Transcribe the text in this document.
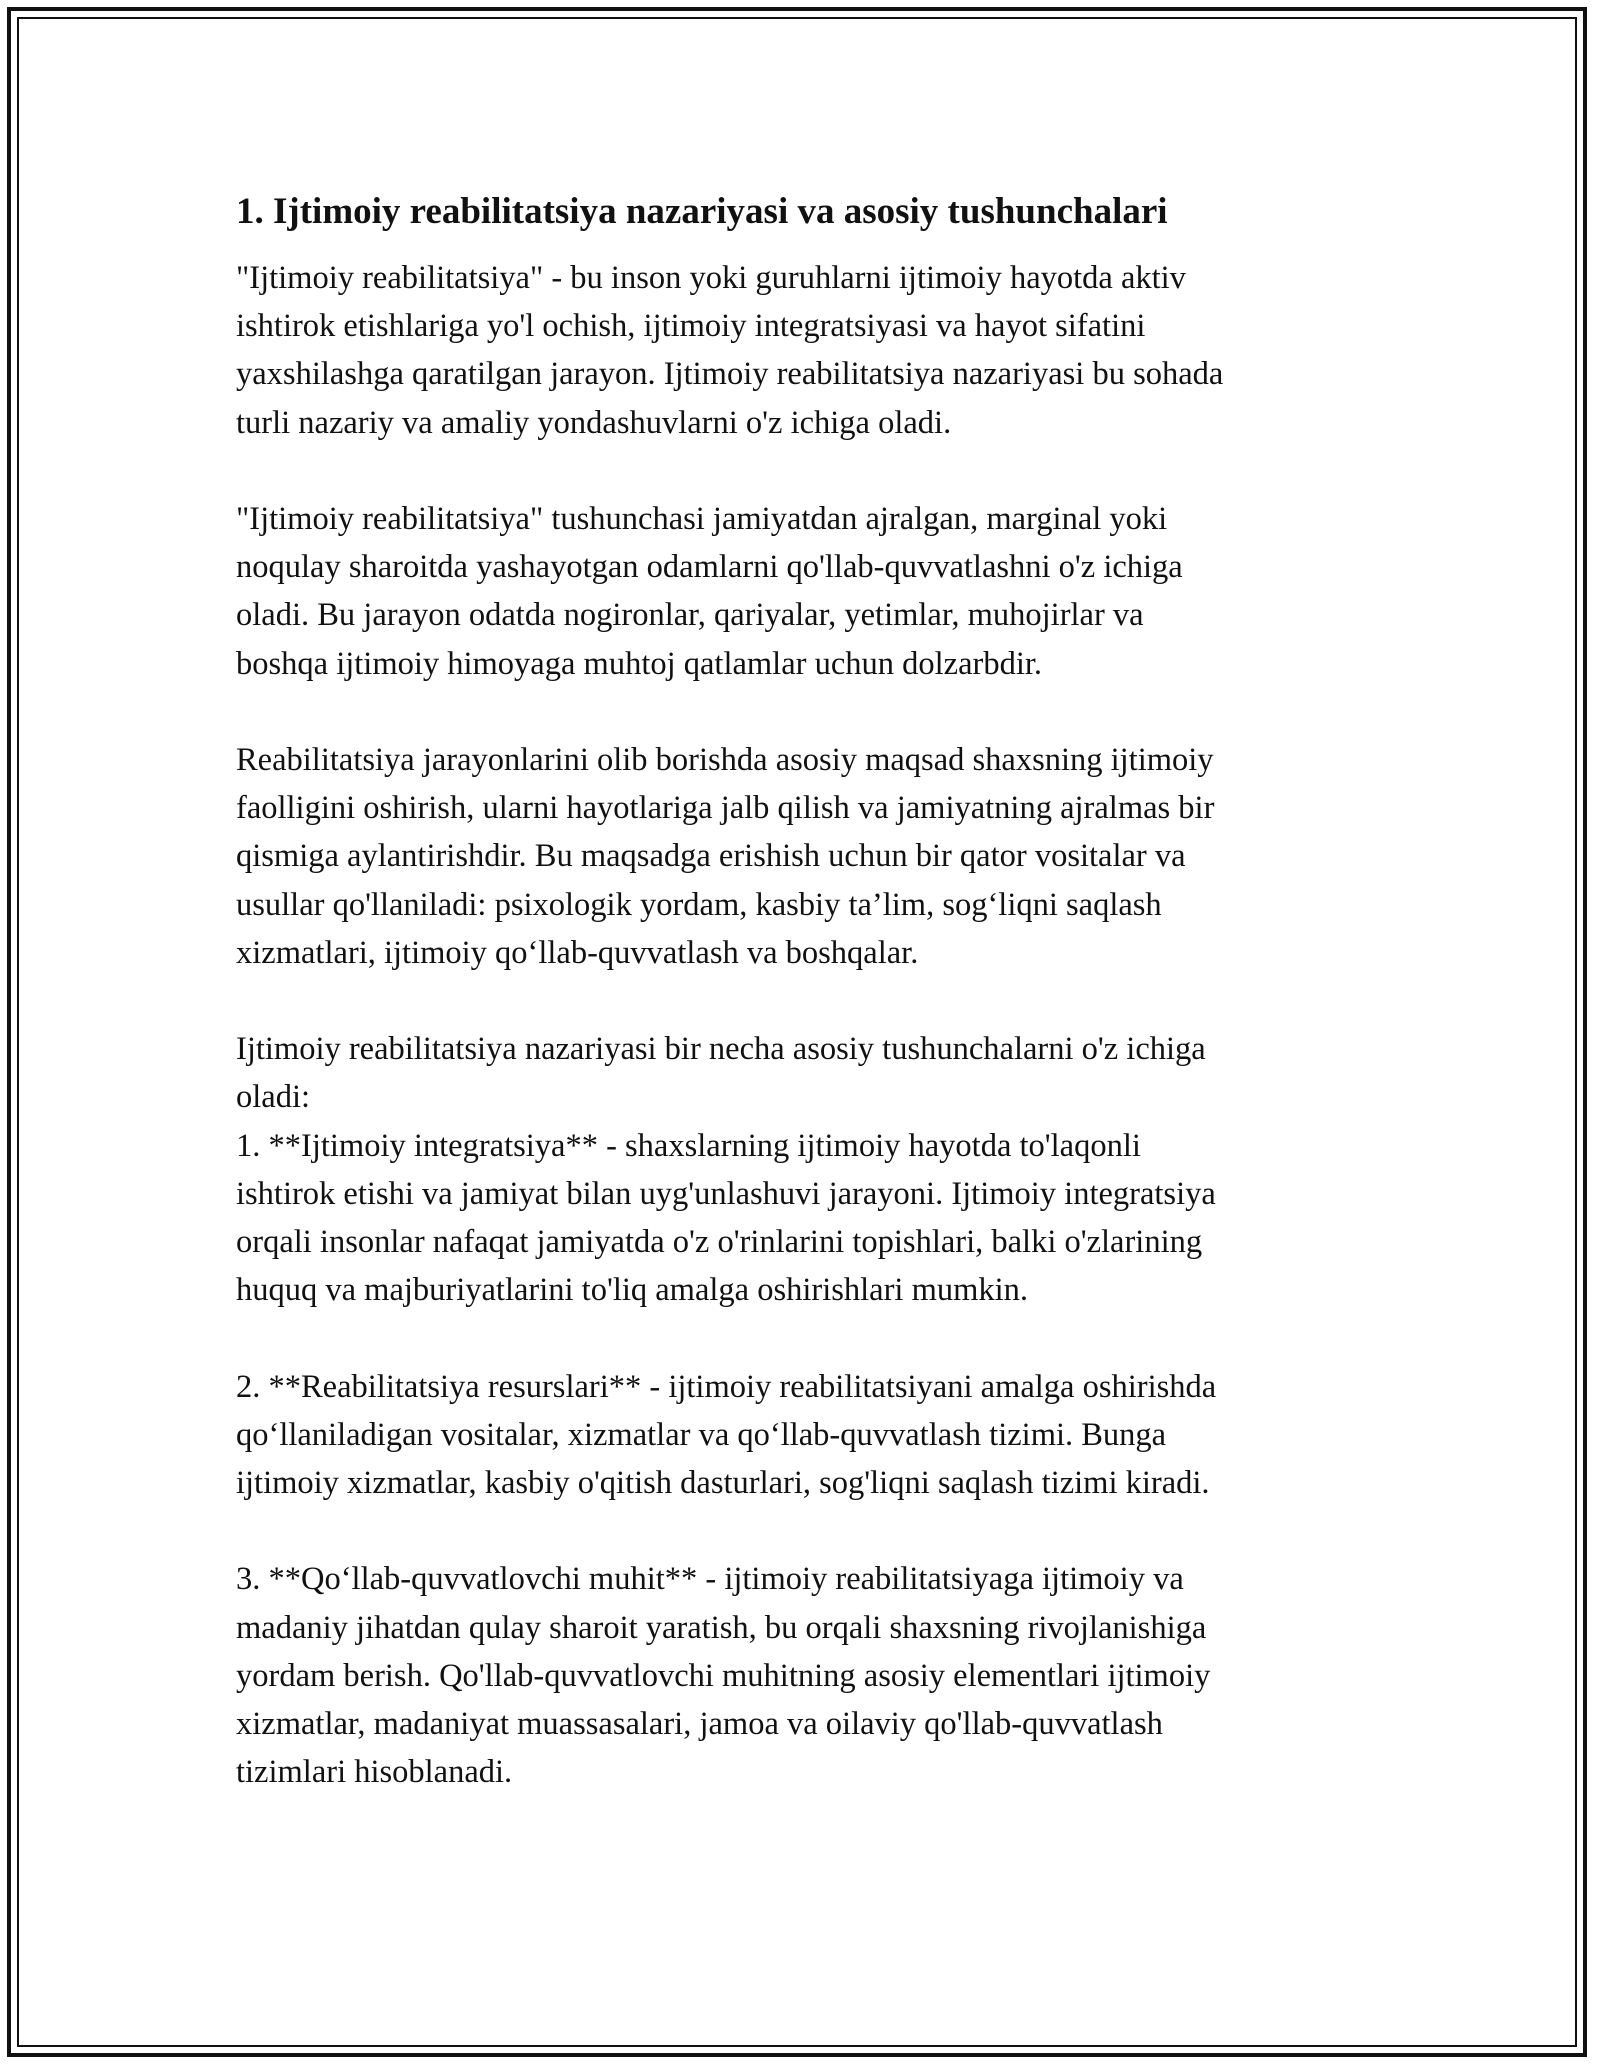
1. Ijtimoiy reabilitatsiya nazariyasi va asosiy tushunchalari
"Ijtimoiy reabilitatsiya" - bu inson yoki guruhlarni ijtimoiy hayotda aktiv
ishtirok etishlariga yo'l ochish, ijtimoiy integratsiyasi va hayot sifatini
yaxshilashga qaratilgan jarayon. Ijtimoiy reabilitatsiya nazariyasi bu sohada
turli nazariy va amaliy yondashuvlarni o'z ichiga oladi.
"Ijtimoiy reabilitatsiya" tushunchasi jamiyatdan ajralgan, marginal yoki
noqulay sharoitda yashayotgan odamlarni qo'llab-quvvatlashni o'z ichiga
oladi. Bu jarayon odatda nogironlar, qariyalar, yetimlar, muhojirlar va
boshqa ijtimoiy himoyaga muhtoj qatlamlar uchun dolzarbdir.
Reabilitatsiya jarayonlarini olib borishda asosiy maqsad shaxsning ijtimoiy
faolligini oshirish, ularni hayotlariga jalb qilish va jamiyatning ajralmas bir
qismiga aylantirishdir. Bu maqsadga erishish uchun bir qator vositalar va
usullar qo'llaniladi: psixologik yordam, kasbiy ta’lim, sog‘liqni saqlash
xizmatlari, ijtimoiy qo‘llab-quvvatlash va boshqalar.
Ijtimoiy reabilitatsiya nazariyasi bir necha asosiy tushunchalarni o'z ichiga
oladi:
1. **Ijtimoiy integratsiya** - shaxslarning ijtimoiy hayotda to'laqonli
ishtirok etishi va jamiyat bilan uyg'unlashuvi jarayoni. Ijtimoiy integratsiya
orqali insonlar nafaqat jamiyatda o'z o'rinlarini topishlari, balki o'zlarining
huquq va majburiyatlarini to'liq amalga oshirishlari mumkin.
2. **Reabilitatsiya resurslari** - ijtimoiy reabilitatsiyani amalga oshirishda
qo‘llaniladigan vositalar, xizmatlar va qo‘llab-quvvatlash tizimi. Bunga
ijtimoiy xizmatlar, kasbiy o'qitish dasturlari, sog'liqni saqlash tizimi kiradi.
3. **Qo‘llab-quvvatlovchi muhit** - ijtimoiy reabilitatsiyaga ijtimoiy va
madaniy jihatdan qulay sharoit yaratish, bu orqali shaxsning rivojlanishiga
yordam berish. Qo'llab-quvvatlovchi muhitning asosiy elementlari ijtimoiy
xizmatlar, madaniyat muassasalari, jamoa va oilaviy qo'llab-quvvatlash
tizimlari hisoblanadi.
